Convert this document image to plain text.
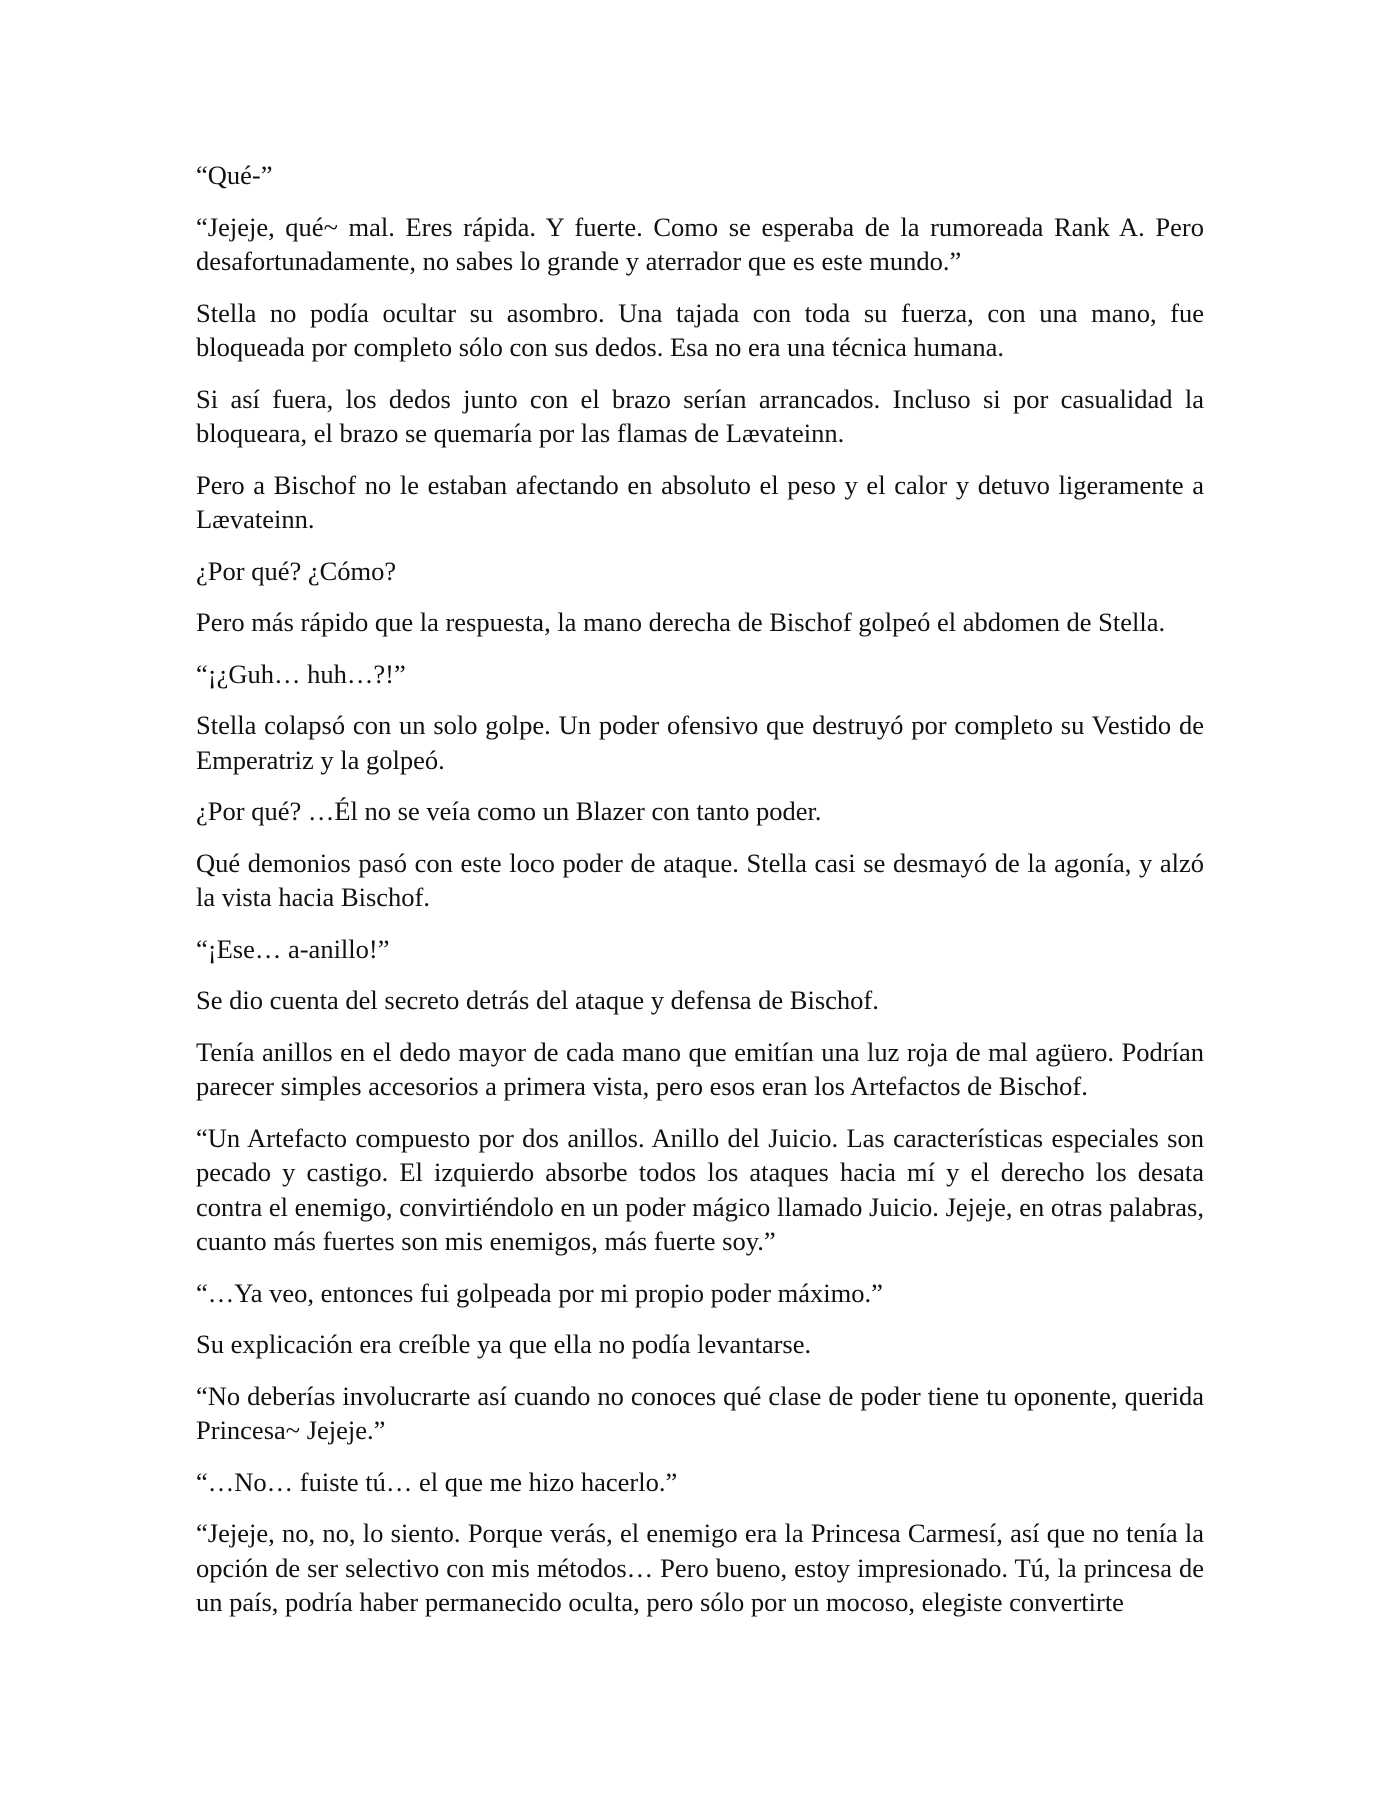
“Qué-”

“Jejeje, qué~ mal. Eres rápida. Y fuerte. Como se esperaba de la rumoreada Rank A. Pero desafortunadamente, no sabes lo grande y aterrador que es este mundo.”

Stella no podía ocultar su asombro. Una tajada con toda su fuerza, con una mano, fue bloqueada por completo sólo con sus dedos. Esa no era una técnica humana.

Si así fuera, los dedos junto con el brazo serían arrancados. Incluso si por casualidad la bloqueara, el brazo se quemaría por las flamas de Lævateinn.

Pero a Bischof no le estaban afectando en absoluto el peso y el calor y detuvo ligeramente a Lævateinn.

¿Por qué? ¿Cómo?

Pero más rápido que la respuesta, la mano derecha de Bischof golpeó el abdomen de Stella.

“¡¿Guh… huh…?!”

Stella colapsó con un solo golpe. Un poder ofensivo que destruyó por completo su Vestido de Emperatriz y la golpeó.

¿Por qué? …Él no se veía como un Blazer con tanto poder.

Qué demonios pasó con este loco poder de ataque. Stella casi se desmayó de la agonía, y alzó la vista hacia Bischof.

“¡Ese… a-anillo!”

Se dio cuenta del secreto detrás del ataque y defensa de Bischof.

Tenía anillos en el dedo mayor de cada mano que emitían una luz roja de mal agüero. Podrían parecer simples accesorios a primera vista, pero esos eran los Artefactos de Bischof.

“Un Artefacto compuesto por dos anillos. Anillo del Juicio. Las características especiales son pecado y castigo. El izquierdo absorbe todos los ataques hacia mí y el derecho los desata contra el enemigo, convirtiéndolo en un poder mágico llamado Juicio. Jejeje, en otras palabras, cuanto más fuertes son mis enemigos, más fuerte soy.”

“…Ya veo, entonces fui golpeada por mi propio poder máximo.”

Su explicación era creíble ya que ella no podía levantarse.

“No deberías involucrarte así cuando no conoces qué clase de poder tiene tu oponente, querida Princesa~ Jejeje.”

“…No… fuiste tú… el que me hizo hacerlo.”

“Jejeje, no, no, lo siento. Porque verás, el enemigo era la Princesa Carmesí, así que no tenía la opción de ser selectivo con mis métodos… Pero bueno, estoy impresionado. Tú, la princesa de un país, podría haber permanecido oculta, pero sólo por un mocoso, elegiste convertirte
